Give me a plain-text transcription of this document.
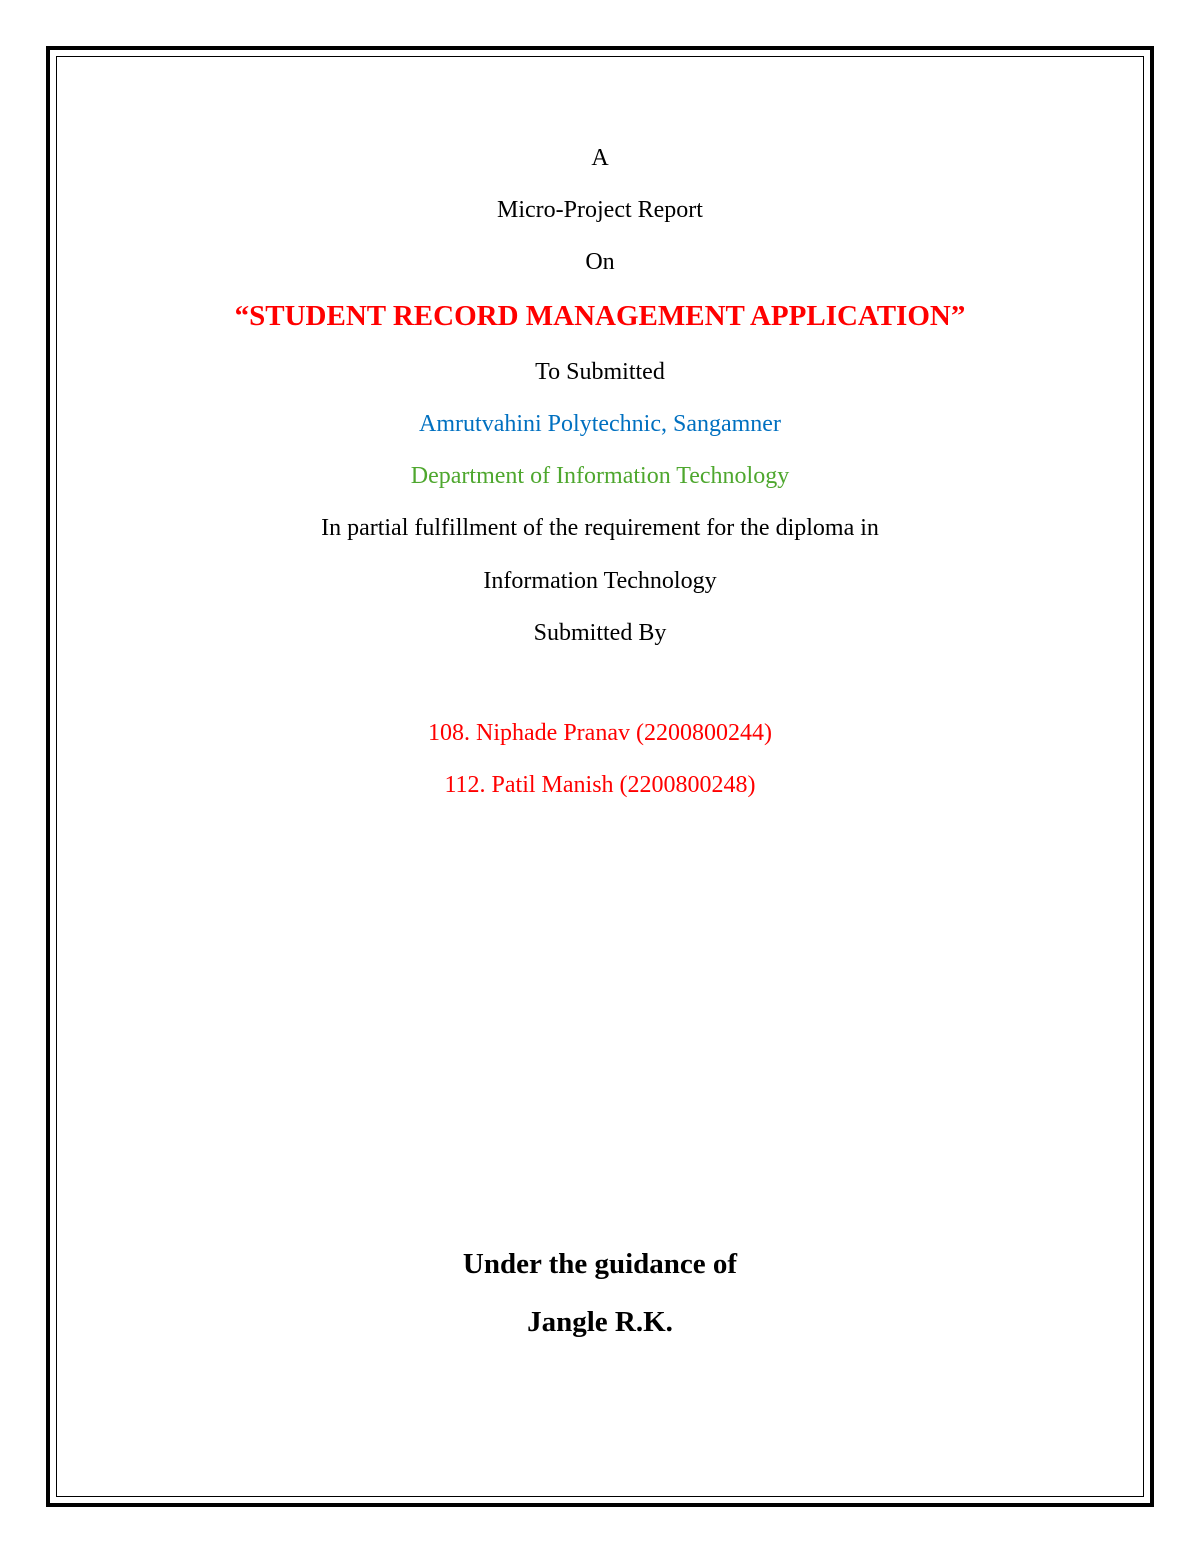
A
Micro-Project Report
On
“STUDENT RECORD MANAGEMENT APPLICATION”
To Submitted
Amrutvahini Polytechnic, Sangamner
Department of Information Technology
In partial fulfillment of the requirement for the diploma in
Information Technology
Submitted By
108. Niphade Pranav (2200800244)
112. Patil Manish (2200800248)
Under the guidance of
Jangle R.K.
